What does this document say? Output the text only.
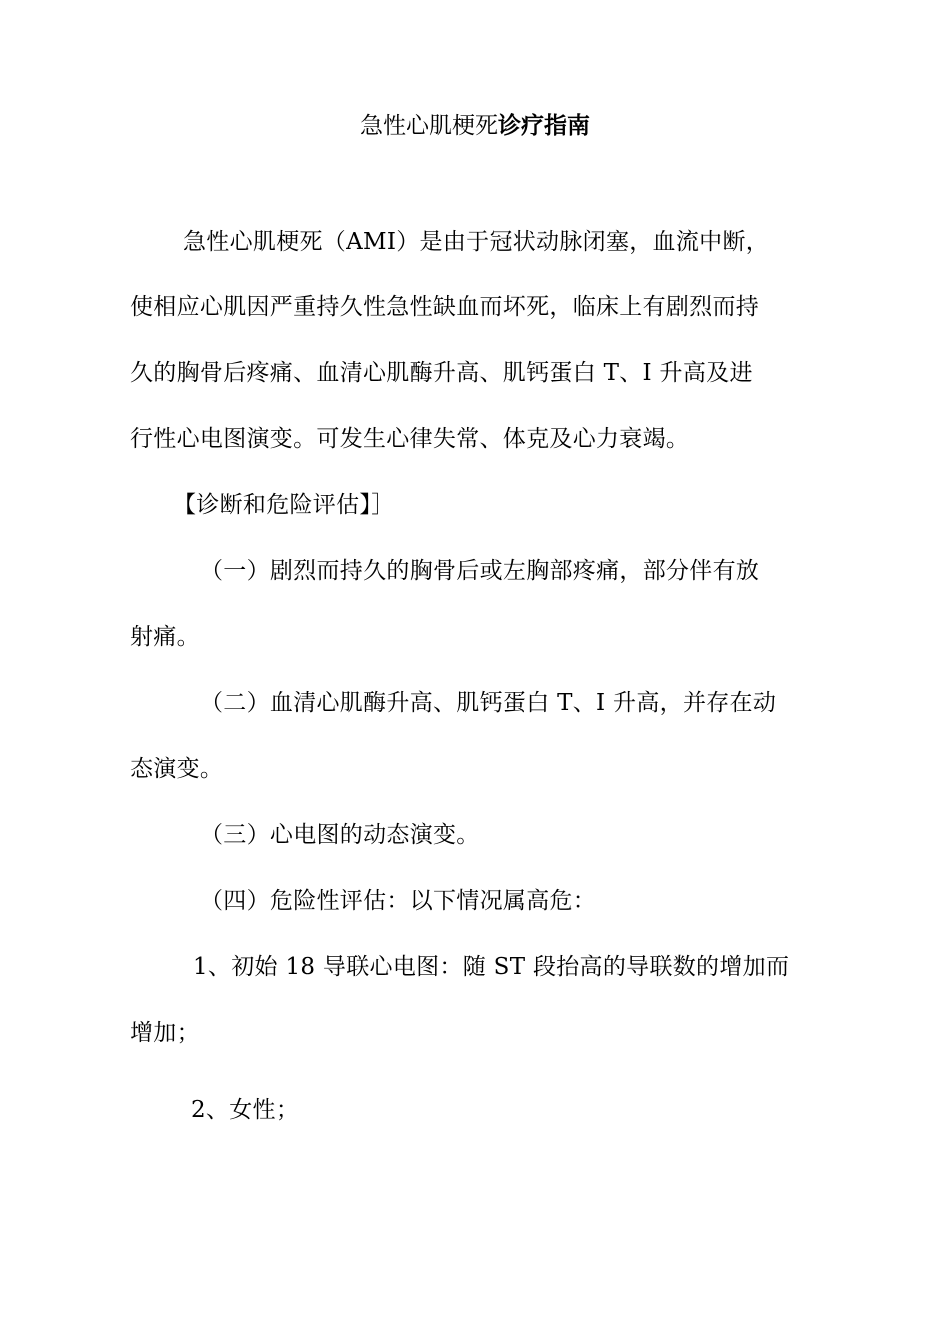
急性心肌梗死诊疗指南
急性心肌梗死（AMI）是由于冠状动脉闭塞，血流中断，
使相应心肌因严重持久性急性缺血而坏死，临床上有剧烈而持
久的胸骨后疼痛、血清心肌酶升高、肌钙蛋白 T、I 升高及进
行性心电图演变。可发生心律失常、体克及心力衰竭。
【诊断和危险评估】］
（一）剧烈而持久的胸骨后或左胸部疼痛，部分伴有放
射痛。
（二）血清心肌酶升高、肌钙蛋白 T、I 升高，并存在动
态演变。
（三）心电图的动态演变。
（四）危险性评估：以下情况属高危：
1、初始 18 导联心电图：随 ST 段抬高的导联数的增加而
增加；
2、女性；
